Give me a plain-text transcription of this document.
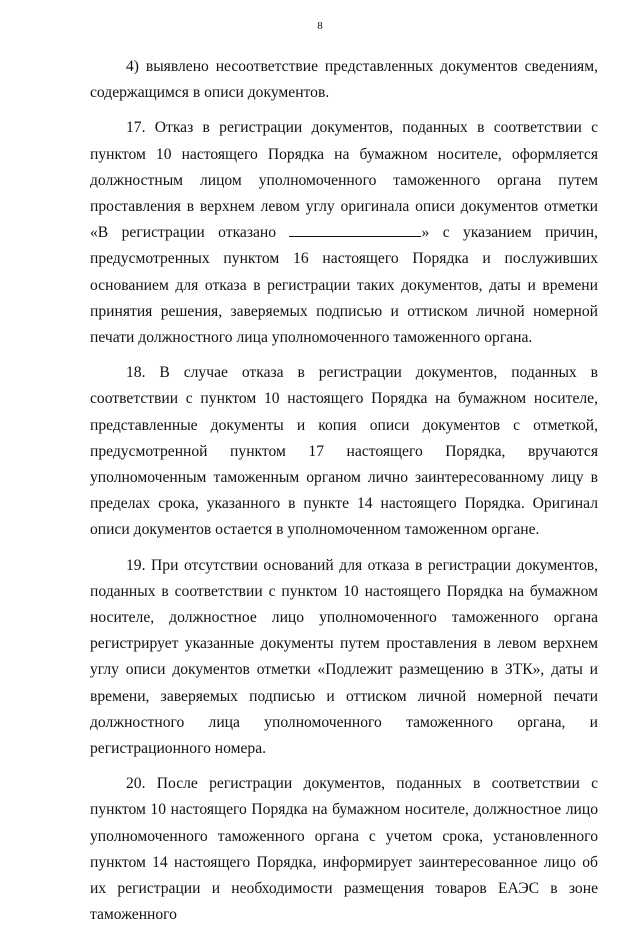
8

4) выявлено несоответствие представленных документов сведениям, содержащимся в описи документов.

17. Отказ в регистрации документов, поданных в соответствии с пунктом 10 настоящего Порядка на бумажном носителе, оформляется должностным лицом уполномоченного таможенного органа путем проставления в верхнем левом углу оригинала описи документов отметки «В регистрации отказано	» с указанием причин, предусмотренных пунктом 16 настоящего Порядка и послуживших основанием для отказа в регистрации таких документов, даты и времени принятия решения, заверяемых подписью и оттиском личной номерной печати должностного лица уполномоченного таможенного органа.

18. В случае отказа в регистрации документов, поданных в соответствии с пунктом 10 настоящего Порядка на бумажном носителе, представленные документы и копия описи документов с отметкой, предусмотренной пунктом 17 настоящего Порядка, вручаются уполномоченным таможенным органом лично заинтересованному лицу в пределах срока, указанного в пункте 14 настоящего Порядка. Оригинал описи документов остается в уполномоченном таможенном органе.

19. При отсутствии оснований для отказа в регистрации документов, поданных в соответствии с пунктом 10 настоящего Порядка на бумажном носителе, должностное лицо уполномоченного таможенного органа регистрирует указанные документы путем проставления в левом верхнем углу описи документов отметки «Подлежит размещению в ЗТК», даты и времени, заверяемых подписью и оттиском личной номерной печати должностного лица уполномоченного таможенного органа, и регистрационного номера.

20. После регистрации документов, поданных в соответствии с пунктом 10 настоящего Порядка на бумажном носителе, должностное лицо уполномоченного таможенного органа с учетом срока, установленного пунктом 14 настоящего Порядка, информирует заинтересованное лицо об их регистрации и необходимости размещения товаров ЕАЭС в зоне таможенного
